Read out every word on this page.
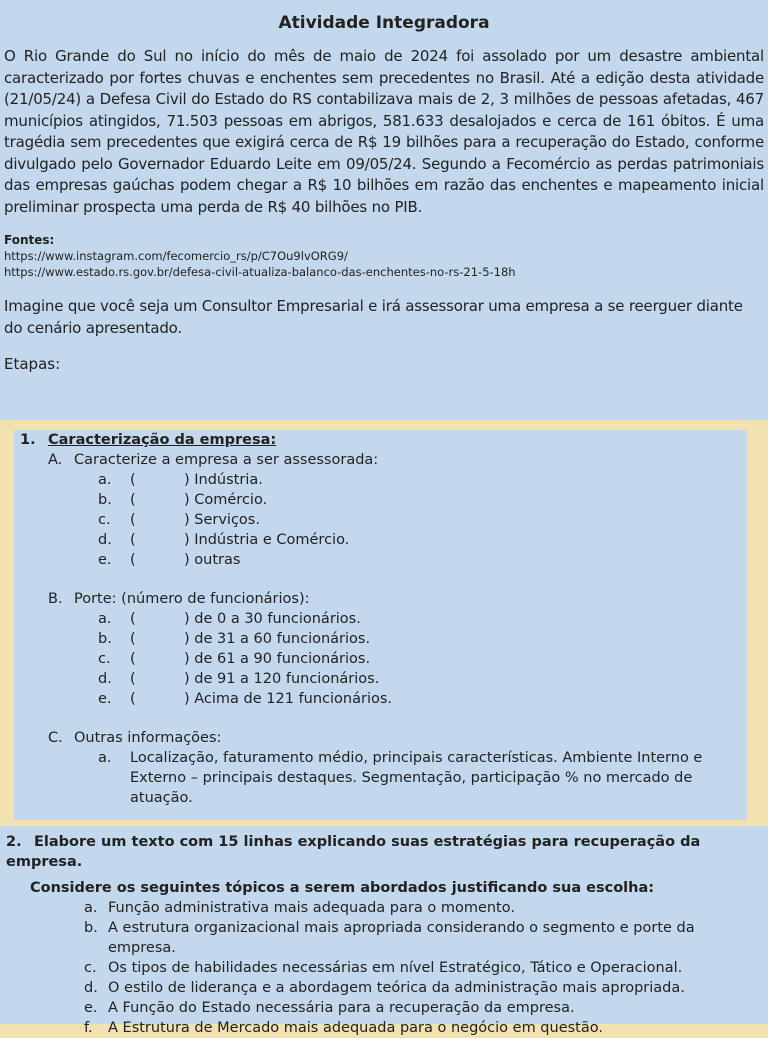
Atividade Integradora

O Rio Grande do Sul no início do mês de maio de 2024 foi assolado por um desastre ambiental caracterizado por fortes chuvas e enchentes sem precedentes no Brasil. Até a edição desta atividade (21/05/24) a Defesa Civil do Estado do RS contabilizava mais de 2, 3 milhões de pessoas afetadas, 467 municípios atingidos, 71.503 pessoas em abrigos, 581.633 desalojados e cerca de 161 óbitos. É uma tragédia sem precedentes que exigirá cerca de R$ 19 bilhões para a recuperação do Estado, conforme divulgado pelo Governador Eduardo Leite em 09/05/24. Segundo a Fecomércio as perdas patrimoniais das empresas gaúchas podem chegar a R$ 10 bilhões em razão das enchentes e mapeamento inicial preliminar prospecta uma perda de R$ 40 bilhões no PIB.

Fontes:
https://www.instagram.com/fecomercio_rs/p/C7Ou9lvORG9/
https://www.estado.rs.gov.br/defesa-civil-atualiza-balanco-das-enchentes-no-rs-21-5-18h
Imagine que você seja um Consultor Empresarial e irá assessorar uma empresa a se reerguer diante do cenário apresentado.
Etapas:
1. Caracterização da empresa:
A. Caracterize a empresa a ser assessorada:
a.	(	) Indústria.
b.	(	) Comércio.
c.	(	) Serviços.
d.	(	) Indústria e Comércio.
e.	(	) outras
B. Porte: (número de funcionários):
a.	(	) de 0 a 30 funcionários.
b.	(	) de 31 a 60 funcionários.
c.	(	) de 61 a 90 funcionários.
d.	(	) de 91 a 120 funcionários.
e.	(	) Acima de 121 funcionários.
C. Outras informações:
a.	Localização, faturamento médio, principais características. Ambiente Interno e Externo – principais destaques. Segmentação, participação % no mercado de atuação.
2. Elabore um texto com 15 linhas explicando suas estratégias para recuperação da empresa.
Considere os seguintes tópicos a serem abordados justificando sua escolha:
a. Função administrativa mais adequada para o momento.
b. A estrutura organizacional mais apropriada considerando o segmento e porte da empresa.
c. Os tipos de habilidades necessárias em nível Estratégico, Tático e Operacional.
d. O estilo de liderança e a abordagem teórica da administração mais apropriada.
e. A Função do Estado necessária para a recuperação da empresa.
f.	A Estrutura de Mercado mais adequada para o negócio em questão.
